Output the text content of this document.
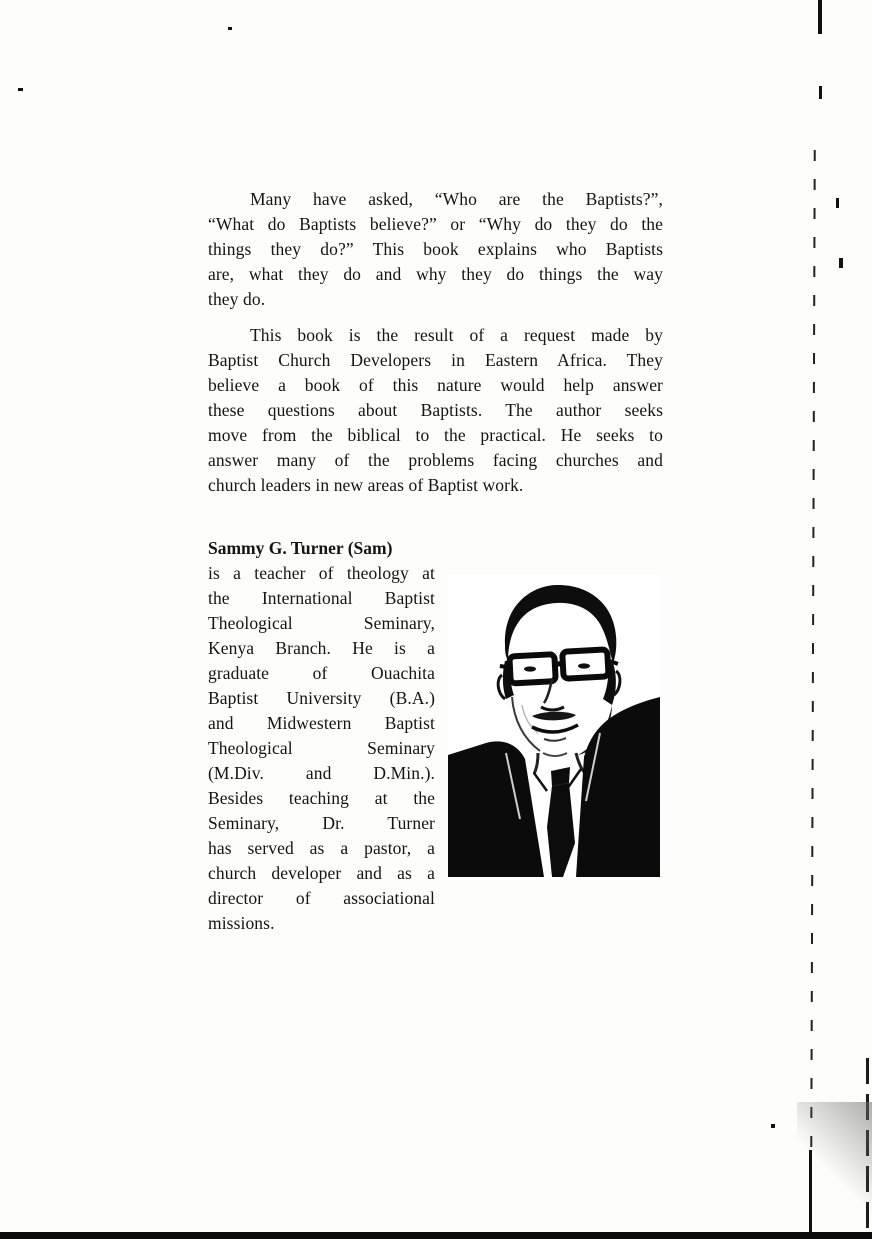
Many have asked, “Who are the Baptists?”,
“What do Baptists believe?” or “Why do they do the
things they do?” This book explains who Baptists
are, what they do and why they do things the way
they do.
This book is the result of a request made by
Baptist Church Developers in Eastern Africa. They
believe a book of this nature would help answer
these questions about Baptists. The author seeks
move from the biblical to the practical. He seeks to
answer many of the problems facing churches and
church leaders in new areas of Baptist work.
Sammy G. Turner (Sam)
is a teacher of theology at
the International Baptist
Theological Seminary,
Kenya Branch. He is a
graduate of Ouachita
Baptist University (B.A.)
and Midwestern Baptist
Theological Seminary
(M.Div. and D.Min.).
Besides teaching at the
Seminary, Dr. Turner
has served as a pastor, a
church developer and as a
director of associational
missions.
